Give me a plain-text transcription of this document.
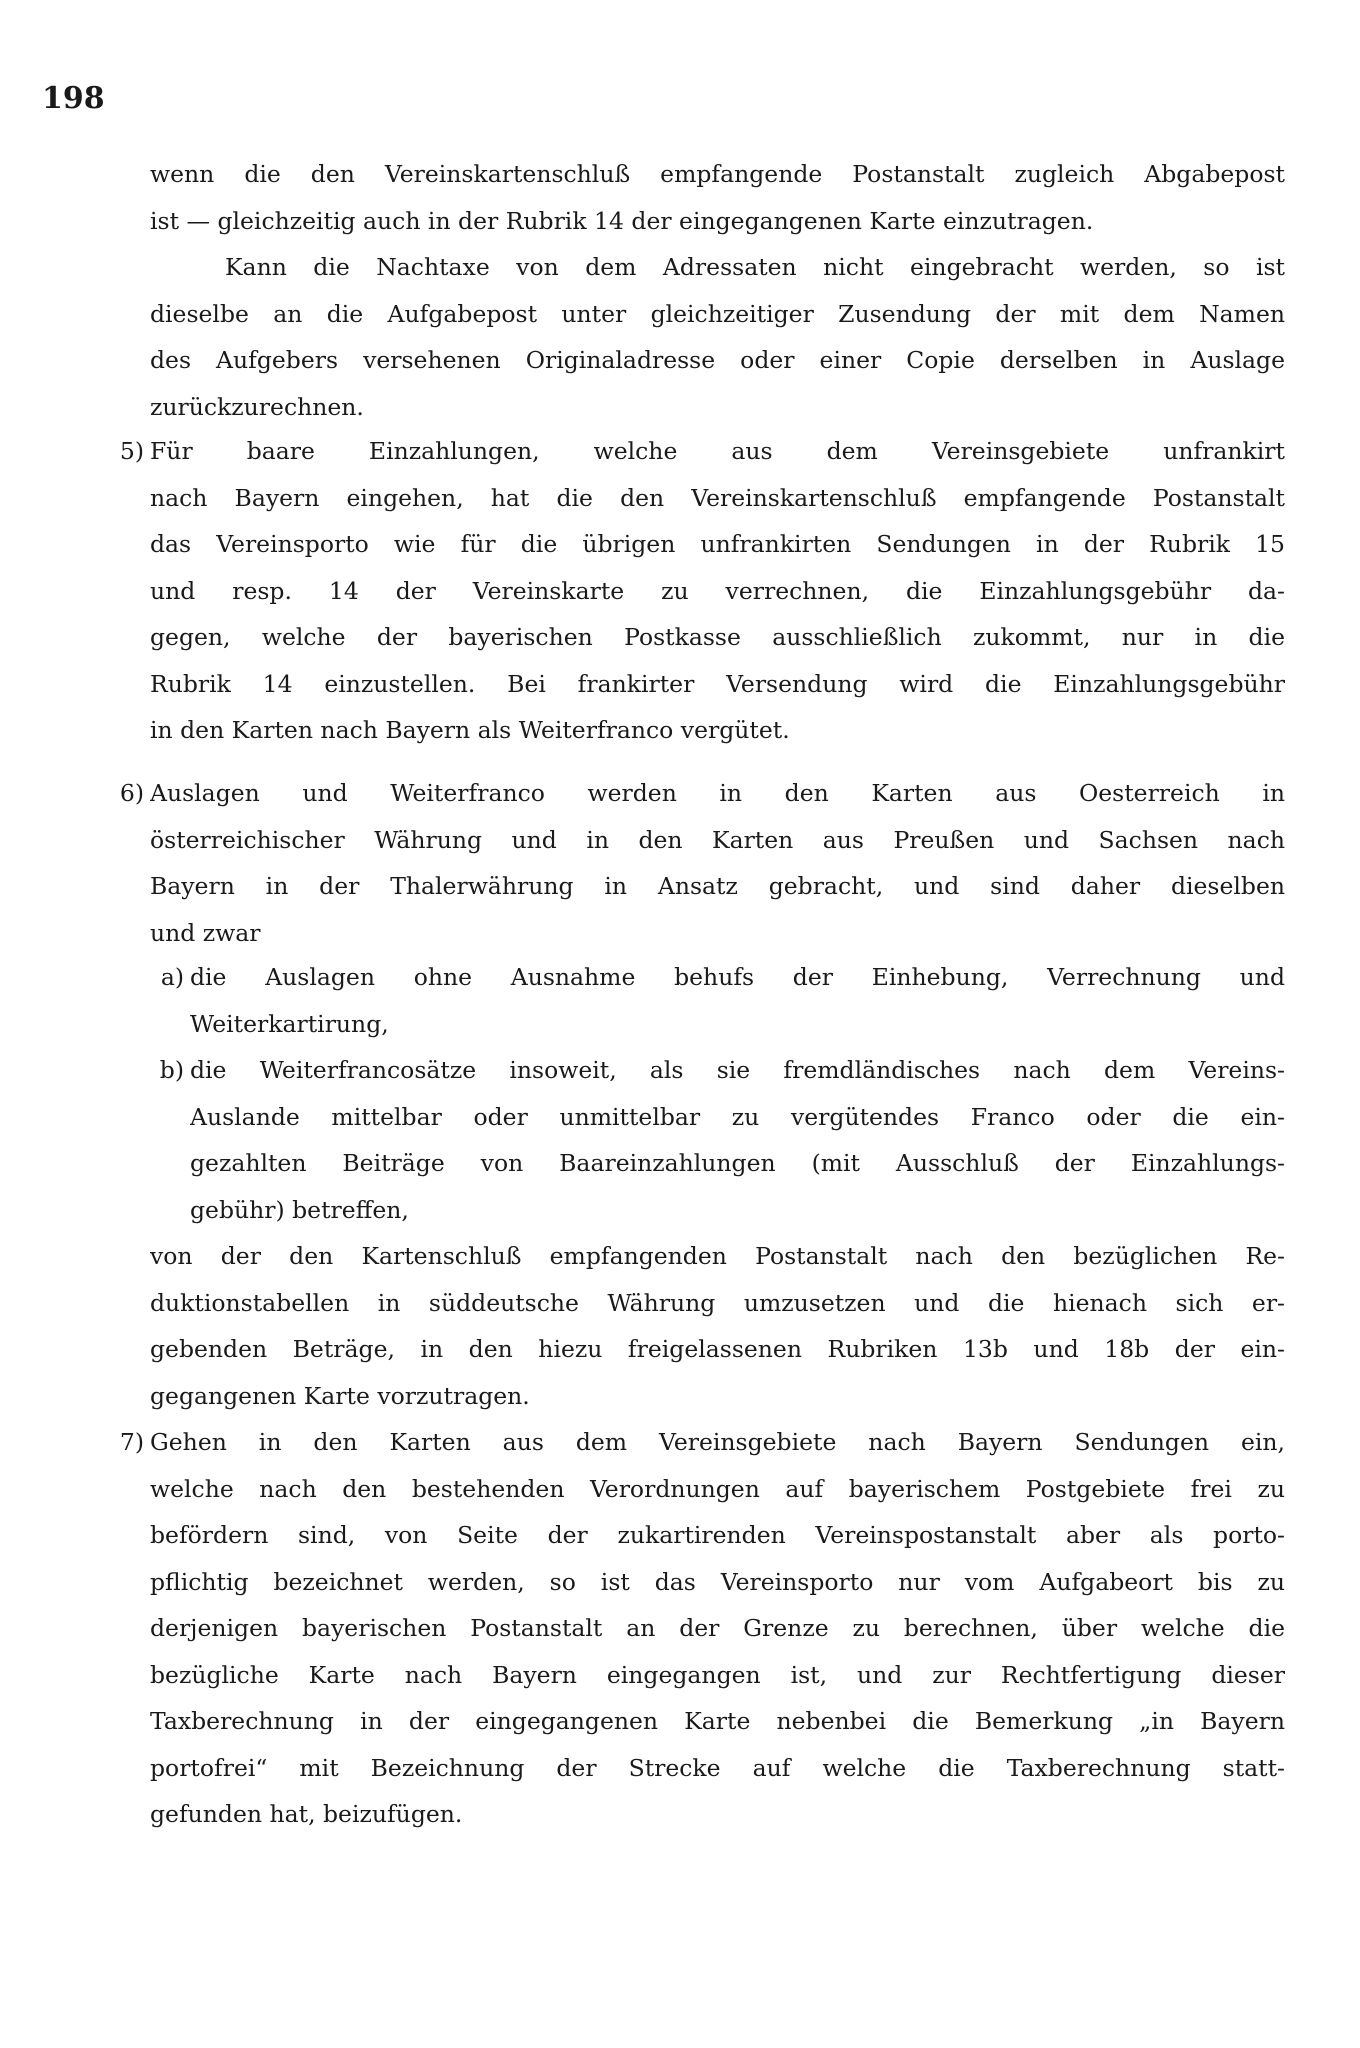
198
wenn die den Vereinskartenschluß empfangende Postanstalt zugleich Abgabepost
ist — gleichzeitig auch in der Rubrik 14 der eingegangenen Karte einzutragen.
Kann die Nachtaxe von dem Adressaten nicht eingebracht werden, so ist
dieselbe an die Aufgabepost unter gleichzeitiger Zusendung der mit dem Namen
des Aufgebers versehenen Originaladresse oder einer Copie derselben in Auslage
zurückzurechnen.
5) Für baare Einzahlungen, welche aus dem Vereinsgebiete unfrankirt
nach Bayern eingehen, hat die den Vereinskartenschluß empfangende Postanstalt
das Vereinsporto wie für die übrigen unfrankirten Sendungen in der Rubrik 15
und resp. 14 der Vereinskarte zu verrechnen, die Einzahlungsgebühr da-
gegen, welche der bayerischen Postkasse ausschließlich zukommt, nur in die
Rubrik 14 einzustellen. Bei frankirter Versendung wird die Einzahlungsgebühr
in den Karten nach Bayern als Weiterfranco vergütet.
6) Auslagen und Weiterfranco werden in den Karten aus Oesterreich in
österreichischer Währung und in den Karten aus Preußen und Sachsen nach
Bayern in der Thalerwährung in Ansatz gebracht, und sind daher dieselben
und zwar
a) die Auslagen ohne Ausnahme behufs der Einhebung, Verrechnung und
Weiterkartirung,
b) die Weiterfrancosätze insoweit, als sie fremdländisches nach dem Vereins-
Auslande mittelbar oder unmittelbar zu vergütendes Franco oder die ein-
gezahlten Beiträge von Baareinzahlungen (mit Ausschluß der Einzahlungs-
gebühr) betreffen,
von der den Kartenschluß empfangenden Postanstalt nach den bezüglichen Re-
duktionstabellen in süddeutsche Währung umzusetzen und die hienach sich er-
gebenden Beträge, in den hiezu freigelassenen Rubriken 13b und 18b der ein-
gegangenen Karte vorzutragen.
7) Gehen in den Karten aus dem Vereinsgebiete nach Bayern Sendungen ein,
welche nach den bestehenden Verordnungen auf bayerischem Postgebiete frei zu
befördern sind, von Seite der zukartirenden Vereinspostanstalt aber als porto-
pflichtig bezeichnet werden, so ist das Vereinsporto nur vom Aufgabeort bis zu
derjenigen bayerischen Postanstalt an der Grenze zu berechnen, über welche die
bezügliche Karte nach Bayern eingegangen ist, und zur Rechtfertigung dieser
Taxberechnung in der eingegangenen Karte nebenbei die Bemerkung „in Bayern
portofrei“ mit Bezeichnung der Strecke auf welche die Taxberechnung statt-
gefunden hat, beizufügen.
